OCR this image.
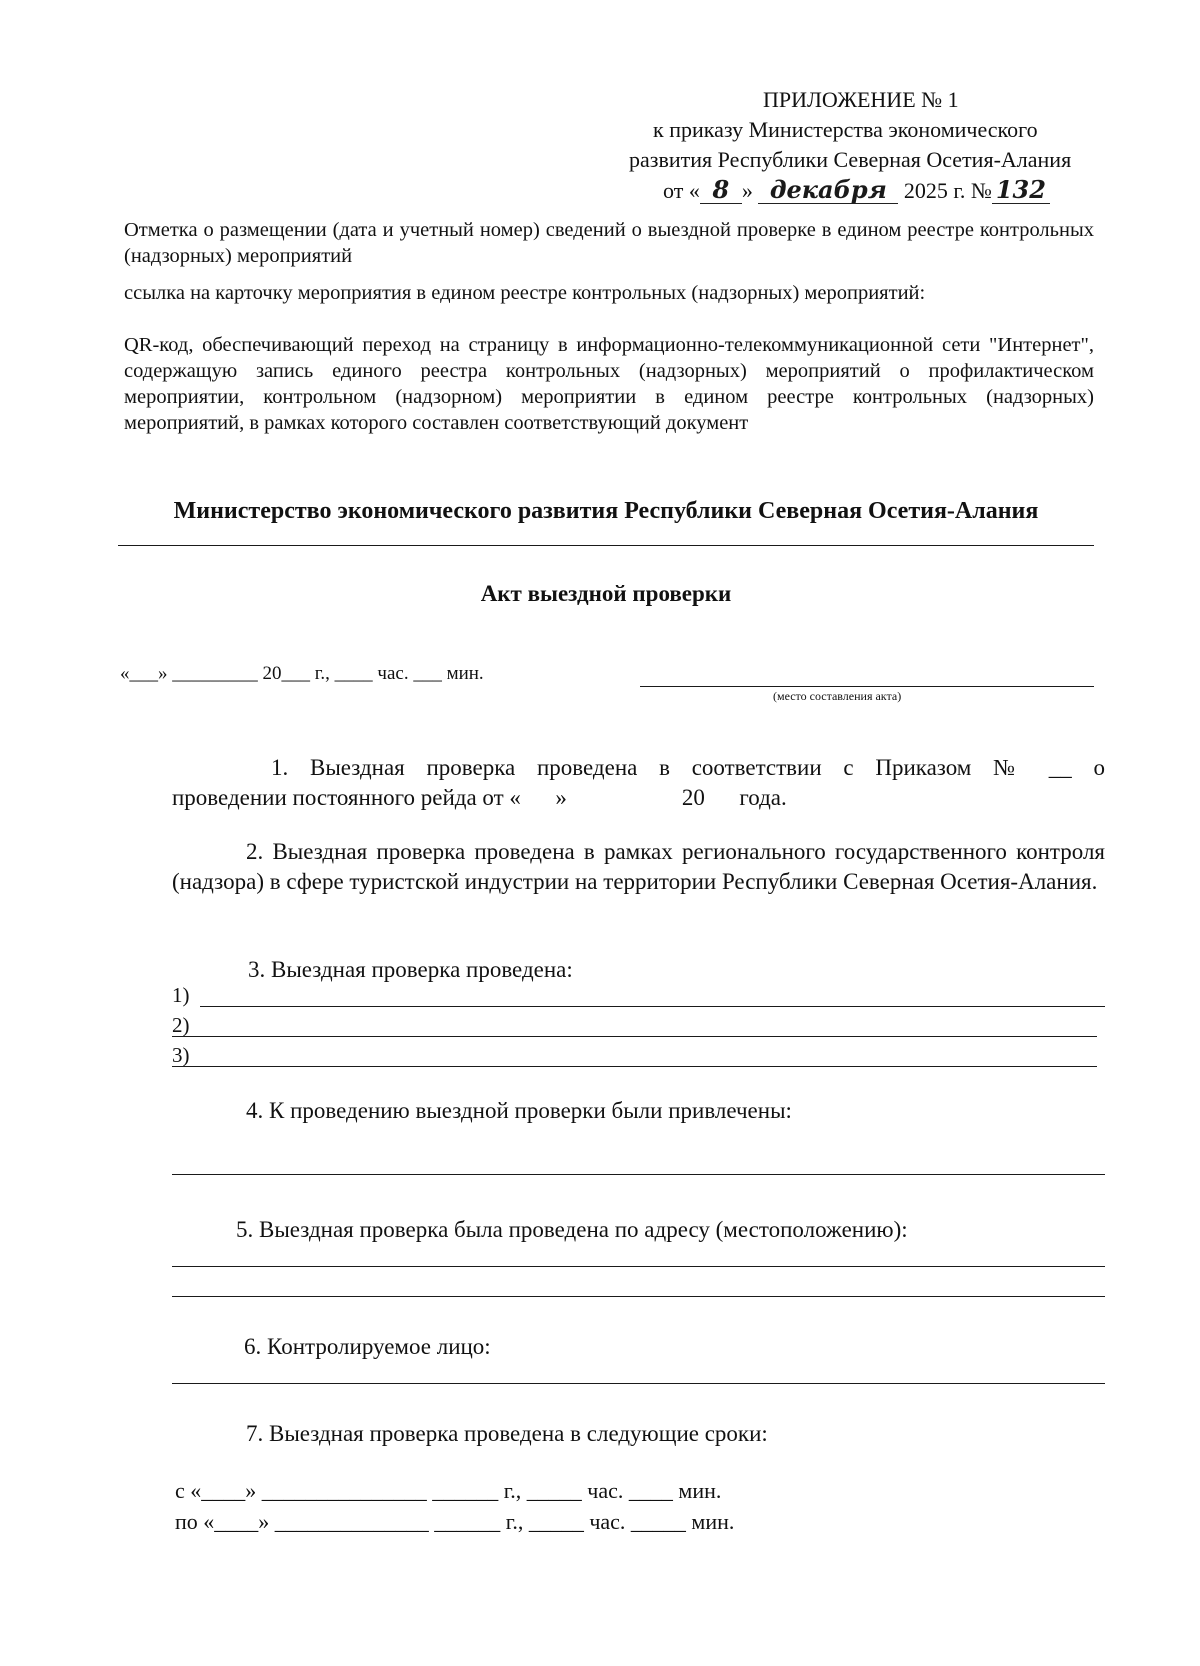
ПРИЛОЖЕНИЕ № 1
к приказу Министерства экономического
развития Республики Северная Осетия-Алания
от « 8 » декабря 2025 г. № 132
Отметка о размещении (дата и учетный номер) сведений о выездной проверке в едином реестре контрольных (надзорных) мероприятий
ссылка на карточку мероприятия в едином реестре контрольных (надзорных) мероприятий:
QR-код, обеспечивающий переход на страницу в информационно-телекоммуникационной сети "Интернет", содержащую запись единого реестра контрольных (надзорных) мероприятий о профилактическом мероприятии, контрольном (надзорном) мероприятии в едином реестре контрольных (надзорных) мероприятий, в рамках которого составлен соответствующий документ
Министерство экономического развития Республики Северная Осетия-Алания
Акт выездной проверки
«___» _________ 20___ г., ____ час. ___ мин.
(место составления акта)
1. Выездная проверка проведена в соответствии с Приказом № __ о
проведении постоянного рейда от «      »                    20      года.
2. Выездная проверка проведена в рамках регионального государственного контроля (надзора) в сфере туристской индустрии на территории Республики Северная Осетия-Алания.
3. Выездная проверка проведена:
1)
2)
3)
4. К проведению выездной проверки были привлечены:
5. Выездная проверка была проведена по адресу (местоположению):
6. Контролируемое лицо:
7. Выездная проверка проведена в следующие сроки:
с «____» _______________ ______ г., _____ час. ____ мин.
по «____» ______________ ______ г., _____ час. _____ мин.
